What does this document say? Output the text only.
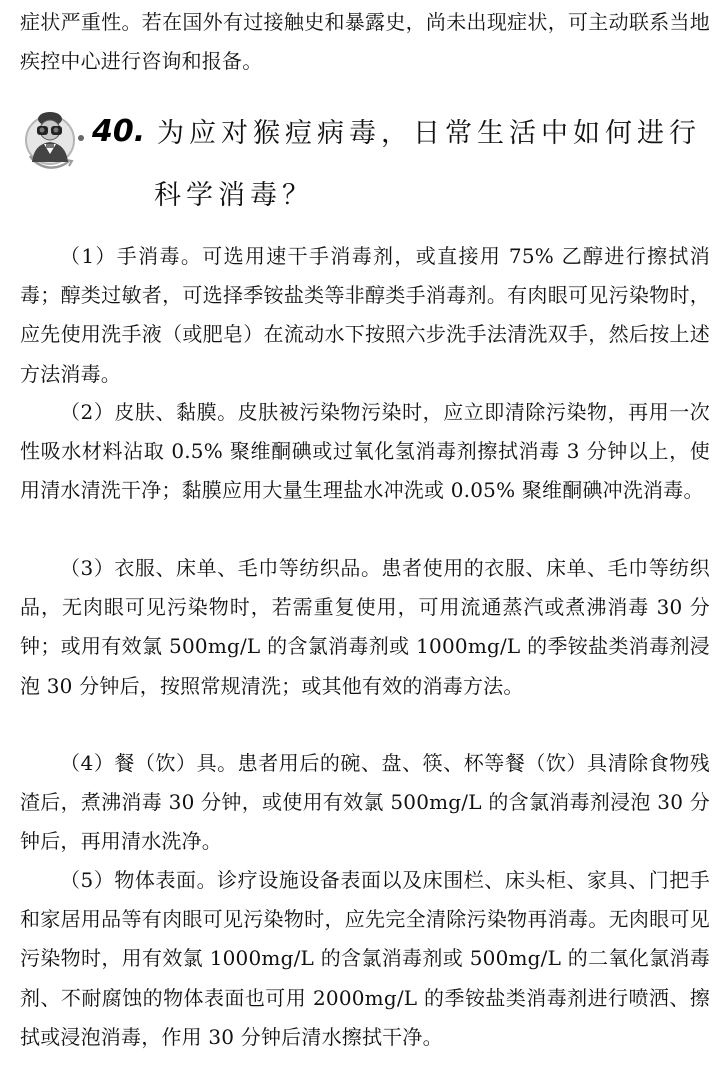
症状严重性。若在国外有过接触史和暴露史，尚未出现症状，可主动联系当地疾控中心进行咨询和报备。

40. 为应对猴痘病毒，日常生活中如何进行
科学消毒？

（1）手消毒。可选用速干手消毒剂，或直接用 75% 乙醇进行擦拭消毒；醇类过敏者，可选择季铵盐类等非醇类手消毒剂。有肉眼可见污染物时，应先使用洗手液（或肥皂）在流动水下按照六步洗手法清洗双手，然后按上述方法消毒。

（2）皮肤、黏膜。皮肤被污染物污染时，应立即清除污染物，再用一次性吸水材料沾取 0.5% 聚维酮碘或过氧化氢消毒剂擦拭消毒 3 分钟以上，使用清水清洗干净；黏膜应用大量生理盐水冲洗或 0.05% 聚维酮碘冲洗消毒。

（3）衣服、床单、毛巾等纺织品。患者使用的衣服、床单、毛巾等纺织品，无肉眼可见污染物时，若需重复使用，可用流通蒸汽或煮沸消毒 30 分钟；或用有效氯 500mg/L 的含氯消毒剂或 1000mg/L 的季铵盐类消毒剂浸泡 30 分钟后，按照常规清洗；或其他有效的消毒方法。

（4）餐（饮）具。患者用后的碗、盘、筷、杯等餐（饮）具清除食物残渣后，煮沸消毒 30 分钟，或使用有效氯 500mg/L 的含氯消毒剂浸泡 30 分钟后，再用清水洗净。

（5）物体表面。诊疗设施设备表面以及床围栏、床头柜、家具、门把手和家居用品等有肉眼可见污染物时，应先完全清除污染物再消毒。无肉眼可见污染物时，用有效氯 1000mg/L 的含氯消毒剂或 500mg/L 的二氧化氯消毒剂、不耐腐蚀的物体表面也可用 2000mg/L 的季铵盐类消毒剂进行喷洒、擦拭或浸泡消毒，作用 30 分钟后清水擦拭干净。
